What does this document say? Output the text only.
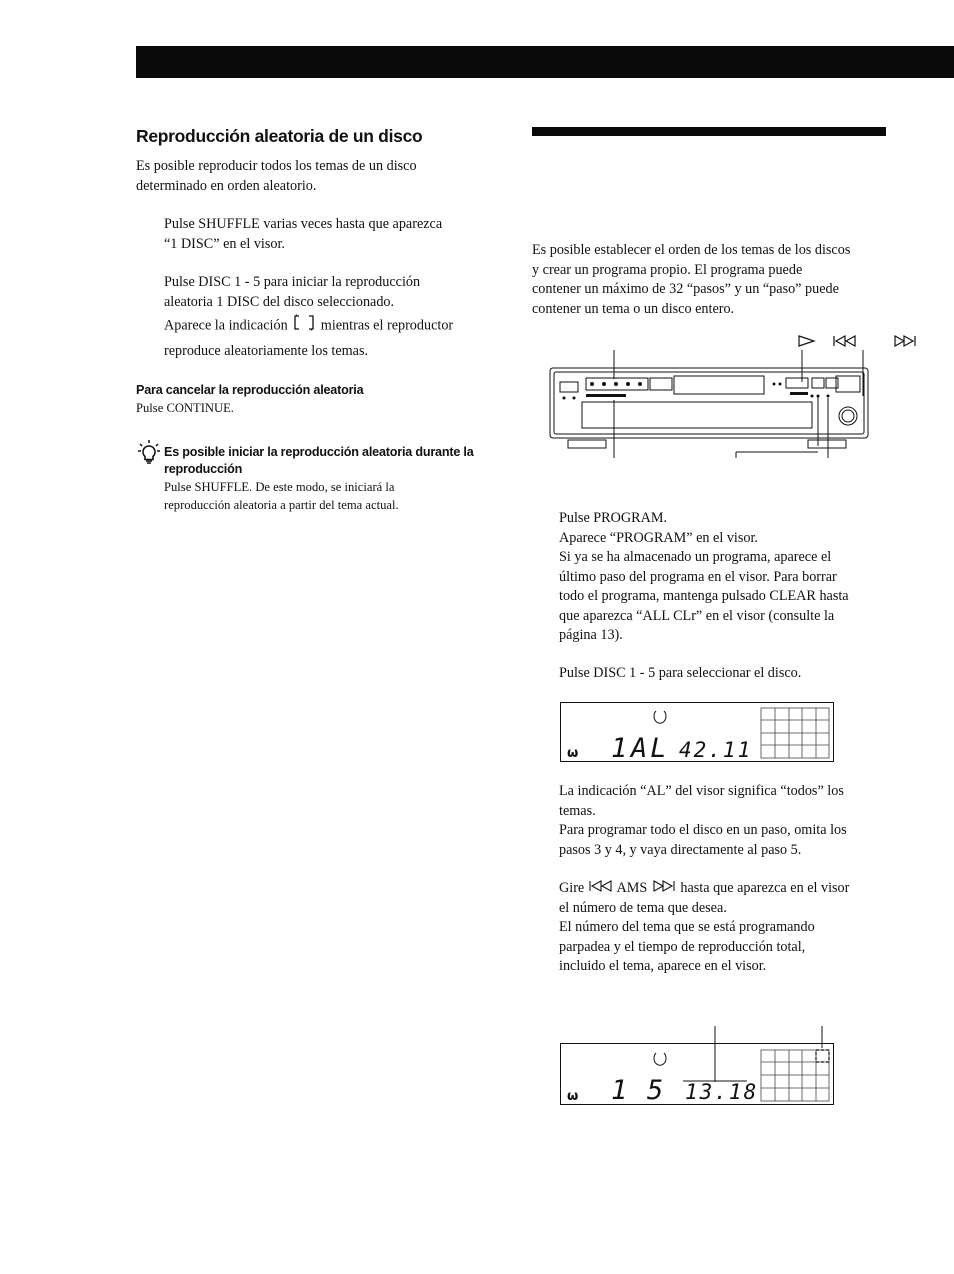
Reproducción aleatoria de un disco
Es posible reproducir todos los temas de un disco
determinado en orden aleatorio.
Pulse SHUFFLE varias veces hasta que aparezca
“1 DISC” en el visor.
Pulse DISC 1 - 5 para iniciar la reproducción
aleatoria 1 DISC del disco seleccionado.
Aparece la indicación mientras el reproductor
reproduce aleatoriamente los temas.
Para cancelar la reproducción aleatoria
Pulse CONTINUE.
Es posible iniciar la reproducción aleatoria durante la
reproducción
Pulse SHUFFLE. De este modo, se iniciará la
reproducción aleatoria a partir del tema actual.
Es posible establecer el orden de los temas de los discos
y crear un programa propio. El programa puede
contener un máximo de 32 “pasos” y un “paso” puede
contener un tema o un disco entero.
Pulse PROGRAM.
Aparece “PROGRAM” en el visor.
Si ya se ha almacenado un programa, aparece el
último paso del programa en el visor. Para borrar
todo el programa, mantenga pulsado CLEAR hasta
que aparezca “ALL CLr” en el visor (consulte la
página 13).
Pulse DISC 1 - 5 para seleccionar el disco.
ω 1 AL 42.11
La indicación “AL” del visor significa “todos” los
temas.
Para programar todo el disco en un paso, omita los
pasos 3 y 4, y vaya directamente al paso 5.
Gire AMS hasta que aparezca en el visor
el número de tema que desea.
El número del tema que se está programando
parpadea y el tiempo de reproducción total,
incluido el tema, aparece en el visor.
ω 1 5 13.18
